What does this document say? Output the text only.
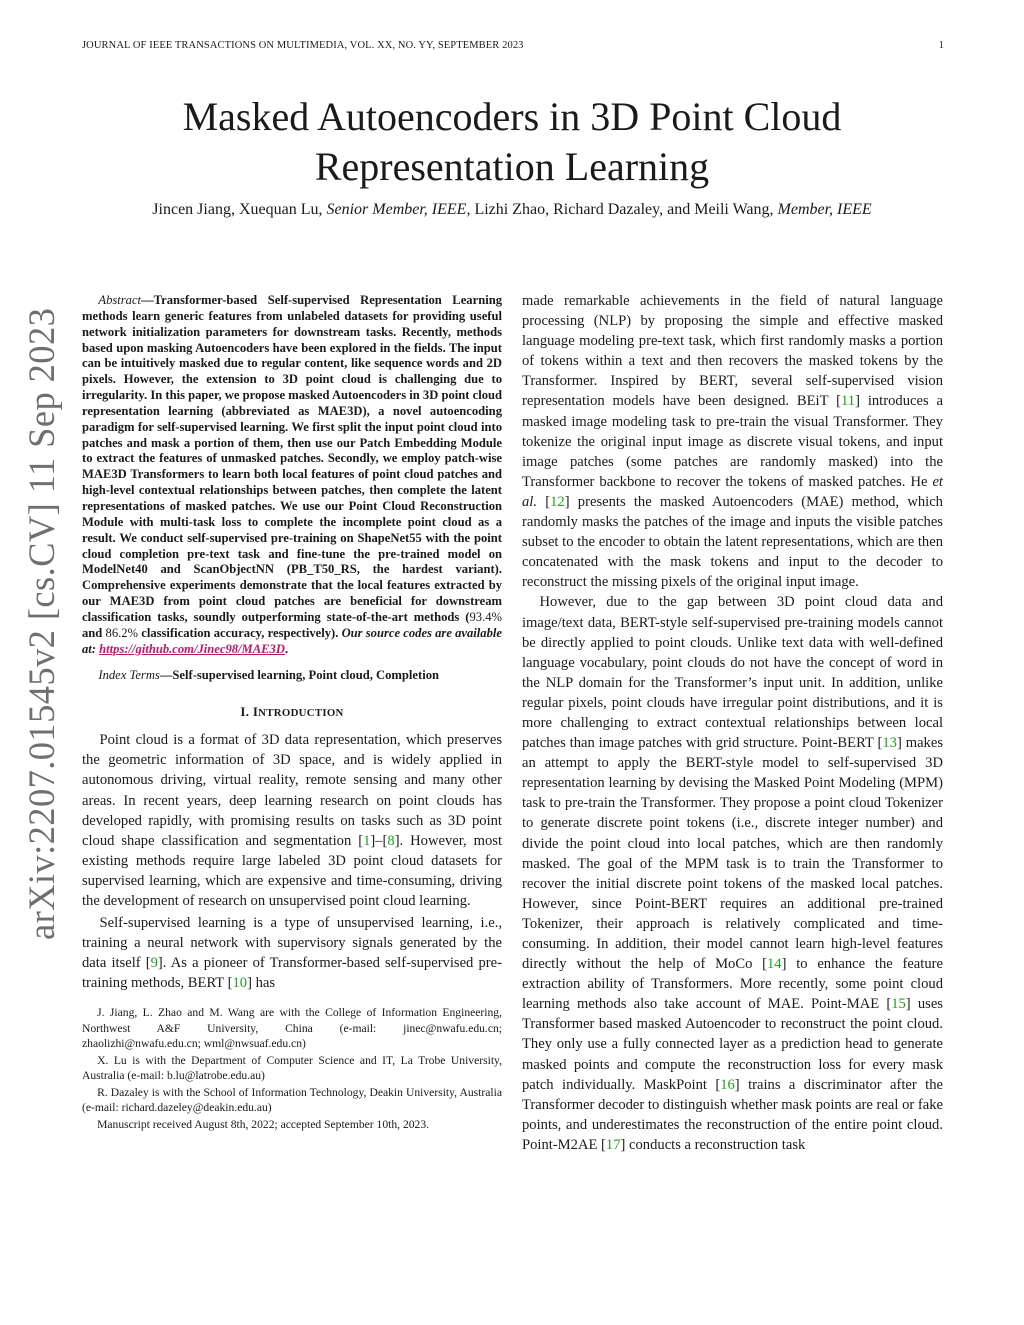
JOURNAL OF IEEE TRANSACTIONS ON MULTIMEDIA, VOL. XX, NO. YY, SEPTEMBER 2023	1
arXiv:2207.01545v2 [cs.CV] 11 Sep 2023
Masked Autoencoders in 3D Point Cloud
Representation Learning
Jincen Jiang, Xuequan Lu, Senior Member, IEEE, Lizhi Zhao, Richard Dazaley, and Meili Wang, Member, IEEE

Abstract—Transformer-based Self-supervised Representation Learning methods learn generic features from unlabeled datasets for providing useful network initialization parameters for downstream tasks. Recently, methods based upon masking Autoencoders have been explored in the fields. The input can be intuitively masked due to regular content, like sequence words and 2D pixels. However, the extension to 3D point cloud is challenging due to irregularity. In this paper, we propose masked Autoencoders in 3D point cloud representation learning (abbreviated as MAE3D), a novel autoencoding paradigm for self-supervised learning. We first split the input point cloud into patches and mask a portion of them, then use our Patch Embedding Module to extract the features of unmasked patches. Secondly, we employ patch-wise MAE3D Transformers to learn both local features of point cloud patches and high-level contextual relationships between patches, then complete the latent representations of masked patches. We use our Point Cloud Reconstruction Module with multi-task loss to complete the incomplete point cloud as a result. We conduct self-supervised pre-training on ShapeNet55 with the point cloud completion pre-text task and fine-tune the pre-trained model on ModelNet40 and ScanObjectNN (PB_T50_RS, the hardest variant). Comprehensive experiments demonstrate that the local features extracted by our MAE3D from point cloud patches are beneficial for downstream classification tasks, soundly outperforming state-of-the-art methods (93.4% and 86.2% classification accuracy, respectively). Our source codes are available at: https://github.com/Jinec98/MAE3D.

Index Terms—Self-supervised learning, Point cloud, Completion

I. INTRODUCTION

Point cloud is a format of 3D data representation, which preserves the geometric information of 3D space, and is widely applied in autonomous driving, virtual reality, remote sensing and many other areas. In recent years, deep learning research on point clouds has developed rapidly, with promising results on tasks such as 3D point cloud shape classification and segmentation [1]–[8]. However, most existing methods require large labeled 3D point cloud datasets for supervised learning, which are expensive and time-consuming, driving the development of research on unsupervised point cloud learning.

Self-supervised learning is a type of unsupervised learning, i.e., training a neural network with supervisory signals generated by the data itself [9]. As a pioneer of Transformer-based self-supervised pre-training methods, BERT [10] has

J. Jiang, L. Zhao and M. Wang are with the College of Information Engineering, Northwest A&F University, China (e-mail: jinec@nwafu.edu.cn; zhaolizhi@nwafu.edu.cn; wml@nwsuaf.edu.cn)

X. Lu is with the Department of Computer Science and IT, La Trobe University, Australia (e-mail: b.lu@latrobe.edu.au)

R. Dazaley is with the School of Information Technology, Deakin University, Australia (e-mail: richard.dazeley@deakin.edu.au)

Manuscript received August 8th, 2022; accepted September 10th, 2023.

made remarkable achievements in the field of natural language processing (NLP) by proposing the simple and effective masked language modeling pre-text task, which first randomly masks a portion of tokens within a text and then recovers the masked tokens by the Transformer. Inspired by BERT, several self-supervised vision representation models have been designed. BEiT [11] introduces a masked image modeling task to pre-train the visual Transformer. They tokenize the original input image as discrete visual tokens, and input image patches (some patches are randomly masked) into the Transformer backbone to recover the tokens of masked patches. He et al. [12] presents the masked Autoencoders (MAE) method, which randomly masks the patches of the image and inputs the visible patches subset to the encoder to obtain the latent representations, which are then concatenated with the mask tokens and input to the decoder to reconstruct the missing pixels of the original input image.

However, due to the gap between 3D point cloud data and image/text data, BERT-style self-supervised pre-training models cannot be directly applied to point clouds. Unlike text data with well-defined language vocabulary, point clouds do not have the concept of word in the NLP domain for the Transformer’s input unit. In addition, unlike regular pixels, point clouds have irregular point distributions, and it is more challenging to extract contextual relationships between local patches than image patches with grid structure. Point-BERT [13] makes an attempt to apply the BERT-style model to self-supervised 3D representation learning by devising the Masked Point Modeling (MPM) task to pre-train the Transformer. They propose a point cloud Tokenizer to generate discrete point tokens (i.e., discrete integer number) and divide the point cloud into local patches, which are then randomly masked. The goal of the MPM task is to train the Transformer to recover the initial discrete point tokens of the masked local patches. However, since Point-BERT requires an additional pre-trained Tokenizer, their approach is relatively complicated and time-consuming. In addition, their model cannot learn high-level features directly without the help of MoCo [14] to enhance the feature extraction ability of Transformers. More recently, some point cloud learning methods also take account of MAE. Point-MAE [15] uses Transformer based masked Autoencoder to reconstruct the point cloud. They only use a fully connected layer as a prediction head to generate masked points and compute the reconstruction loss for every mask patch individually. MaskPoint [16] trains a discriminator after the Transformer decoder to distinguish whether mask points are real or fake points, and underestimates the reconstruction of the entire point cloud. Point-M2AE [17] conducts a reconstruction task
